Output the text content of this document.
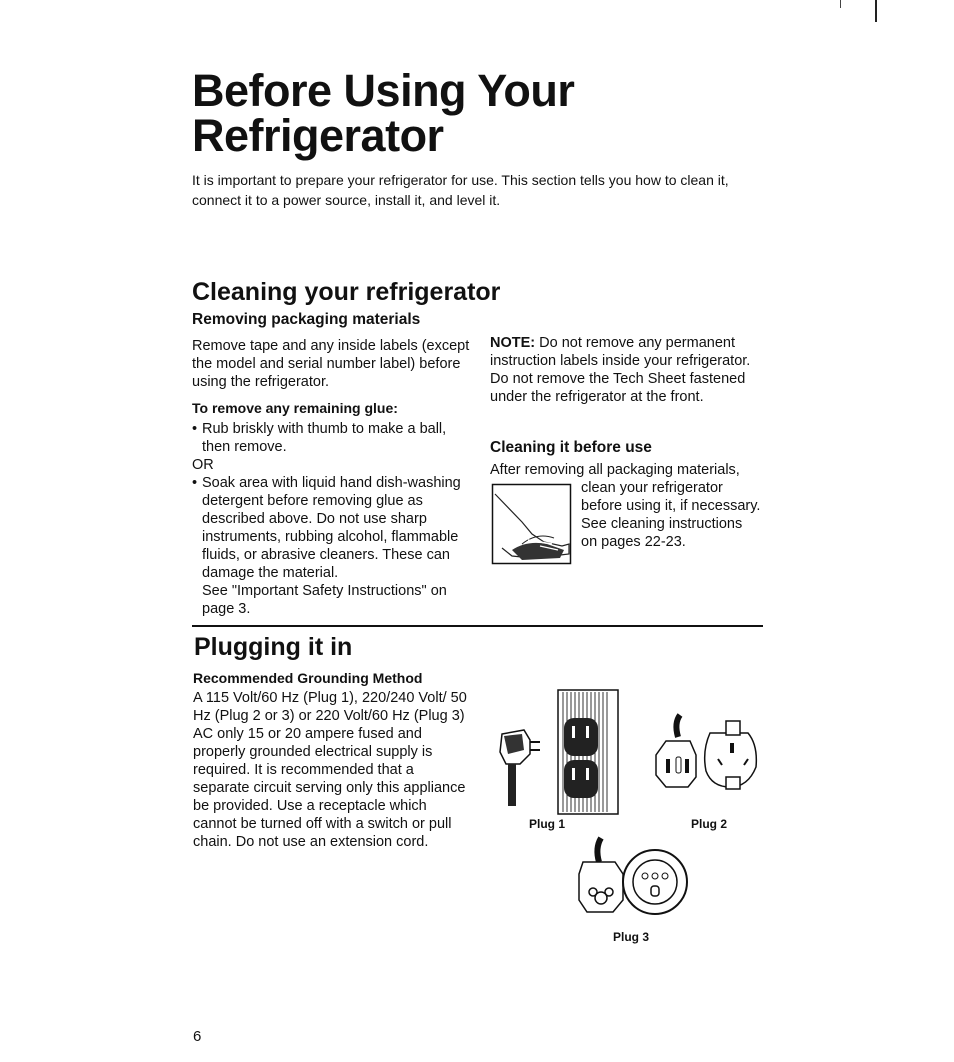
Before Using Your
Refrigerator
It is important to prepare your refrigerator for use. This section tells you how to clean it, connect it to a power source, install it, and level it.
Cleaning your refrigerator
Removing packaging materials

Remove tape and any inside labels (except the model and serial number label) before using the refrigerator.

To remove any remaining glue:
• Rub briskly with thumb to make a ball, then remove.

OR

• Soak area with liquid hand dish-washing detergent before removing glue as described above. Do not use sharp instruments, rubbing alcohol, flammable fluids, or abrasive cleaners. These can damage the material.

See "Important Safety Instructions" on page 3.

NOTE: Do not remove any permanent instruction labels inside your refrigerator. Do not remove the Tech Sheet fastened under the refrigerator at the front.
Cleaning it before use
After removing all packaging materials,
clean your refrigerator before using it, if necessary. See cleaning instructions on pages 22-23.
Plugging it in
Recommended Grounding Method
A 115 Volt/60 Hz (Plug 1), 220/240 Volt/ 50 Hz (Plug 2 or 3) or 220 Volt/60 Hz (Plug 3) AC only 15 or 20 ampere fused and properly grounded electrical supply is required. It is recommended that a separate circuit serving only this appliance be provided. Use a receptacle which cannot be turned off with a switch or pull chain. Do not use an extension cord.
Plug 1	Plug 2
Plug 3
6
